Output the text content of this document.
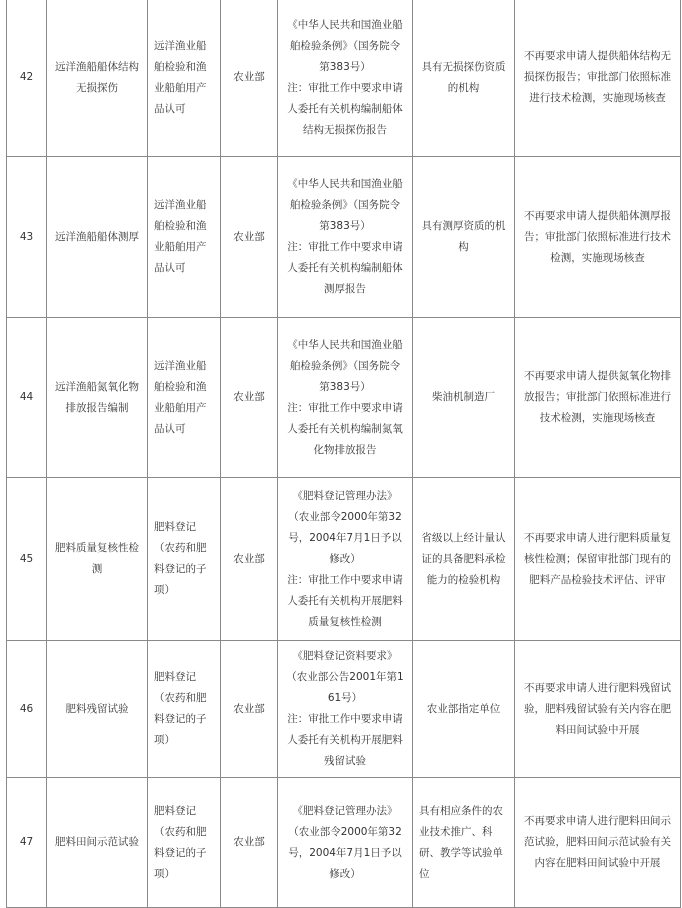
42	远洋渔船船体结构无损探伤	远洋渔业船舶检验和渔业船舶用产品认可	农业部	《中华人民共和国渔业船舶检验条例》（国务院令第383号）

注：审批工作中要求申请人委托有关机构编制船体结构无损探伤报告	具有无损探伤资质的机构	不再要求申请人提供船体结构无损探伤报告；审批部门依照标准进行技术检测，实施现场核查
43	远洋渔船船体测厚	远洋渔业船舶检验和渔业船舶用产品认可	农业部	《中华人民共和国渔业船舶检验条例》（国务院令第383号）

注：审批工作中要求申请人委托有关机构编制船体测厚报告	具有测厚资质的机构	不再要求申请人提供船体测厚报告；审批部门依照标准进行技术检测，实施现场核查
44	远洋渔船氮氧化物排放报告编制	远洋渔业船舶检验和渔业船舶用产品认可	农业部	《中华人民共和国渔业船舶检验条例》（国务院令第383号）

注：审批工作中要求申请人委托有关机构编制氮氧化物排放报告	柴油机制造厂	不再要求申请人提供氮氧化物排放报告；审批部门依照标准进行技术检测，实施现场核查
45	肥料质量复核性检测	肥料登记（农药和肥料登记的子项）	农业部	《肥料登记管理办法》（农业部令2000年第32号，2004年7月1日予以修改）

注：审批工作中要求申请人委托有关机构开展肥料质量复核性检测	省级以上经计量认证的具备肥料承检能力的检验机构	不再要求申请人进行肥料质量复核性检测；保留审批部门现有的肥料产品检验技术评估、评审
46	肥料残留试验	肥料登记（农药和肥料登记的子项）	农业部	《肥料登记资料要求》（农业部公告2001年第161号）

注：审批工作中要求申请人委托有关机构开展肥料残留试验	农业部指定单位	不再要求申请人进行肥料残留试验，肥料残留试验有关内容在肥料田间试验中开展
47	肥料田间示范试验	肥料登记（农药和肥料登记的子项）	农业部	《肥料登记管理办法》（农业部令2000年第32号，2004年7月1日予以修改）	具有相应条件的农业技术推广、科研、教学等试验单位	不再要求申请人进行肥料田间示范试验，肥料田间示范试验有关内容在肥料田间试验中开展
